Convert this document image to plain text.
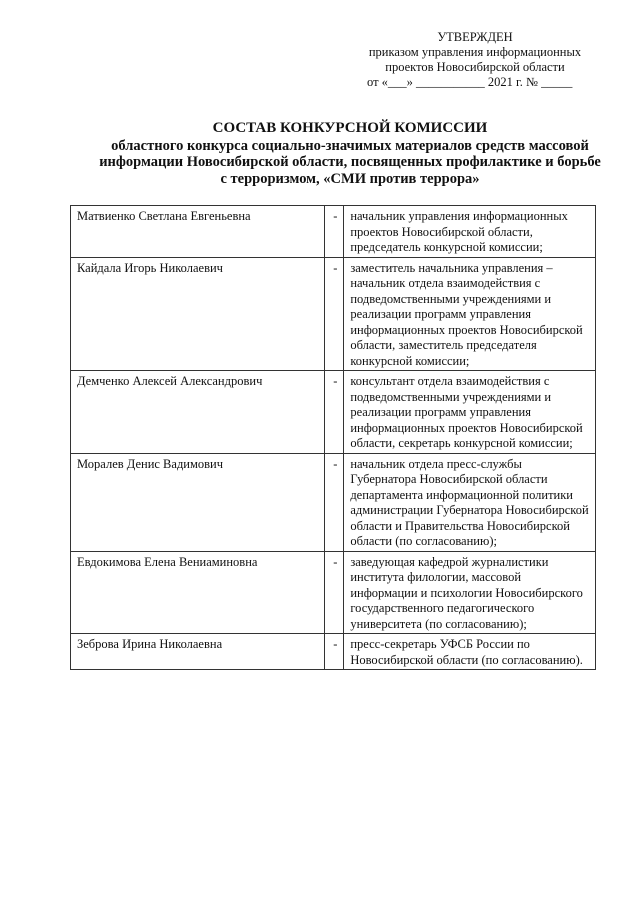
УТВЕРЖДЕН
приказом управления информационных
проектов Новосибирской области
от «___» ___________ 2021 г. № _____
СОСТАВ КОНКУРСНОЙ КОМИССИИ
областного конкурса социально-значимых материалов средств массовой
информации Новосибирской области, посвященных профилактике и борьбе
с терроризмом, «СМИ против террора»
Матвиенко Светлана Евгеньевна	-	начальник управления информационных проектов Новосибирской области, председатель конкурсной комиссии;
Кайдала Игорь Николаевич	-	заместитель начальника управления – начальник отдела взаимодействия с подведомственными учреждениями и реализации программ управления информационных проектов Новосибирской области, заместитель председателя конкурсной комиссии;
Демченко Алексей Александрович	-	консультант отдела взаимодействия с подведомственными учреждениями и реализации программ управления информационных проектов Новосибирской области, секретарь конкурсной комиссии;
Моралев Денис Вадимович	-	начальник отдела пресс-службы Губернатора Новосибирской области департамента информационной политики администрации Губернатора Новосибирской области и Правительства Новосибирской области (по согласованию);
Евдокимова Елена Вениаминовна	-	заведующая кафедрой журналистики института филологии, массовой информации и психологии Новосибирского государственного педагогического университета (по согласованию);
Зеброва Ирина Николаевна	-	пресс-секретарь УФСБ России по Новосибирской области (по согласованию).
